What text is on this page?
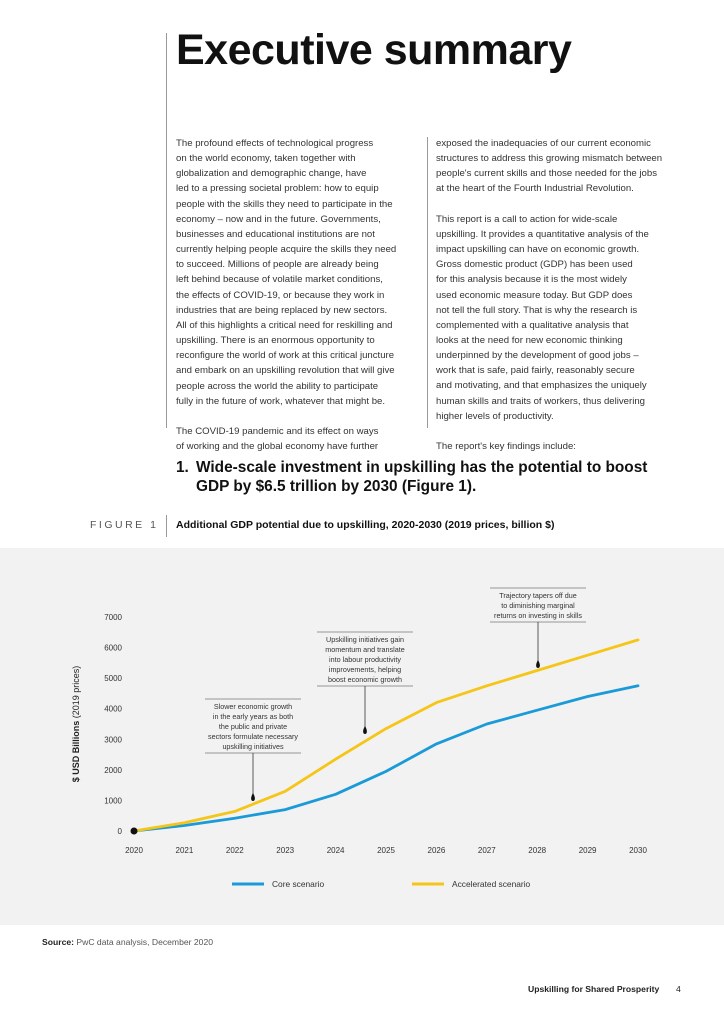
Executive summary

The profound effects of technological progress
on the world economy, taken together with
globalization and demographic change, have
led to a pressing societal problem: how to equip
people with the skills they need to participate in the
economy – now and in the future. Governments,
businesses and educational institutions are not
currently helping people acquire the skills they need
to succeed. Millions of people are already being
left behind because of volatile market conditions,
the effects of COVID-19, or because they work in
industries that are being replaced by new sectors.
All of this highlights a critical need for reskilling and
upskilling. There is an enormous opportunity to
reconfigure the world of work at this critical juncture
and embark on an upskilling revolution that will give
people across the world the ability to participate
fully in the future of work, whatever that might be.

The COVID-19 pandemic and its effect on ways
of working and the global economy have further

exposed the inadequacies of our current economic
structures to address this growing mismatch between
people's current skills and those needed for the jobs
at the heart of the Fourth Industrial Revolution.

This report is a call to action for wide-scale
upskilling. It provides a quantitative analysis of the
impact upskilling can have on economic growth.
Gross domestic product (GDP) has been used
for this analysis because it is the most widely
used economic measure today. But GDP does
not tell the full story. That is why the research is
complemented with a qualitative analysis that
looks at the need for new economic thinking
underpinned by the development of good jobs –
work that is safe, paid fairly, reasonably secure
and motivating, and that emphasizes the uniquely
human skills and traits of workers, thus delivering
higher levels of productivity.

The report's key findings include:

1. Wide-scale investment in upskilling has the potential to boost GDP by $6.5 trillion by 2030 (Figure 1).
FIGURE 1 Additional GDP potential due to upskilling, 2020-2030 (2019 prices, billion $)
0
1000
2000
3000
4000
5000
6000
7000
2020	2021	2022	2023	2024	2025	2026	2027	2028	2029	2030
$ USD Billions (2019 prices)	Slower economic growth
in the early years as both
the public and private
sectors formulate necessary
upskilling initiatives
Upskilling initiatives gain
momentum and translate
into labour productivity
improvements, helping
boost economic growth
Trajectory tapers off due
to diminishing marginal
returns on investing in skills
Core scenario	Accelerated scenario
Source: PwC data analysis, December 2020
Upskilling for Shared Prosperity 4
